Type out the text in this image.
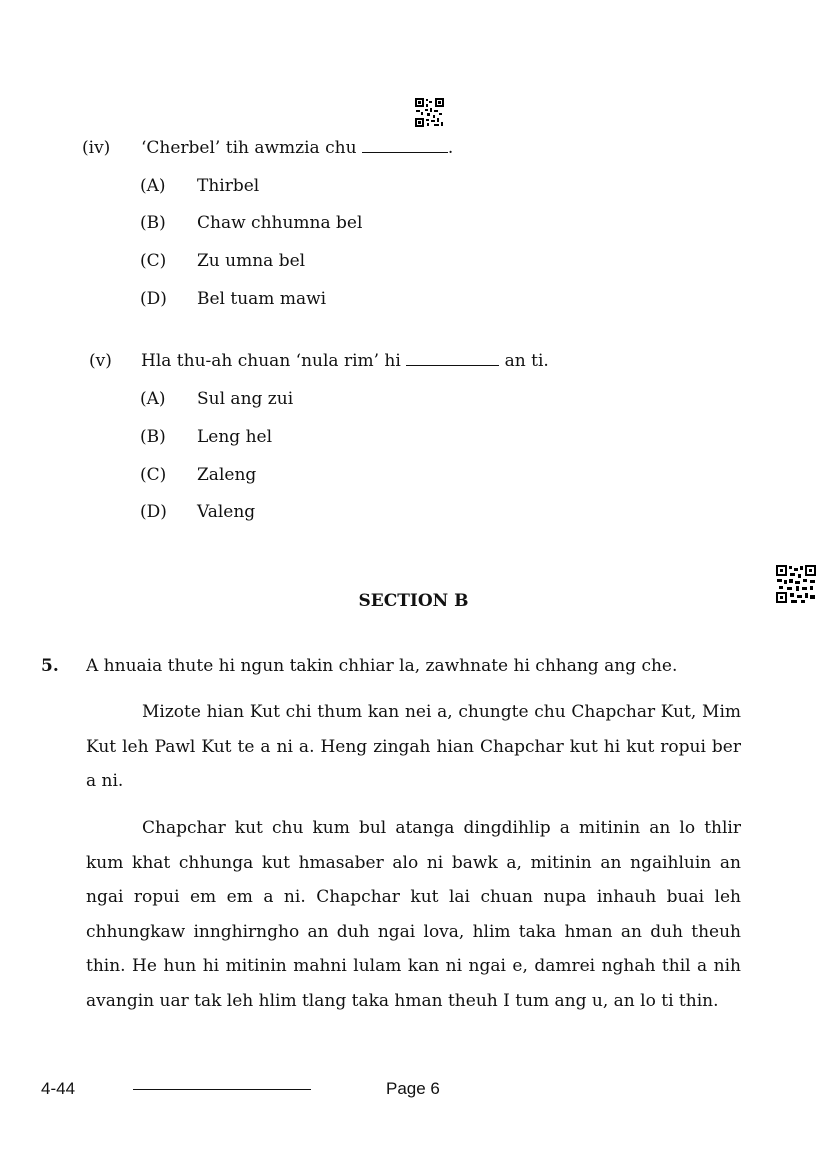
(iv) ‘Cherbel’ tih awmzia chu	.
(A) Thirbel
(B) Chaw chhumna bel
(C) Zu umna bel
(D) Bel tuam mawi
(v) Hla thu-ah chuan ‘nula rim’ hi	an ti.
(A) Sul ang zui
(B) Leng hel
(C) Zaleng
(D) Valeng
SECTION B
5. A hnuaia thute hi ngun takin chhiar la, zawhnate hi chhang ang che.
Mizote hian Kut chi thum kan nei a, chungte chu Chapchar Kut, Mim Kut leh Pawl Kut te a ni a. Heng zingah hian Chapchar kut hi kut ropui ber a ni.
Chapchar kut chu kum bul atanga dingdihlip a mitinin an lo thlir kum khat chhunga kut hmasaber alo ni bawk a, mitinin an ngaihluin an ngai ropui em em a ni. Chapchar kut lai chuan nupa inhauh buai leh chhungkaw innghirngho an duh ngai lova, hlim taka hman an duh theuh thin. He hun hi mitinin mahni lulam kan ni ngai e, damrei nghah thil a nih avangin uar tak leh hlim tlang taka hman theuh I tum ang u, an lo ti thin.
4-44	Page 6
